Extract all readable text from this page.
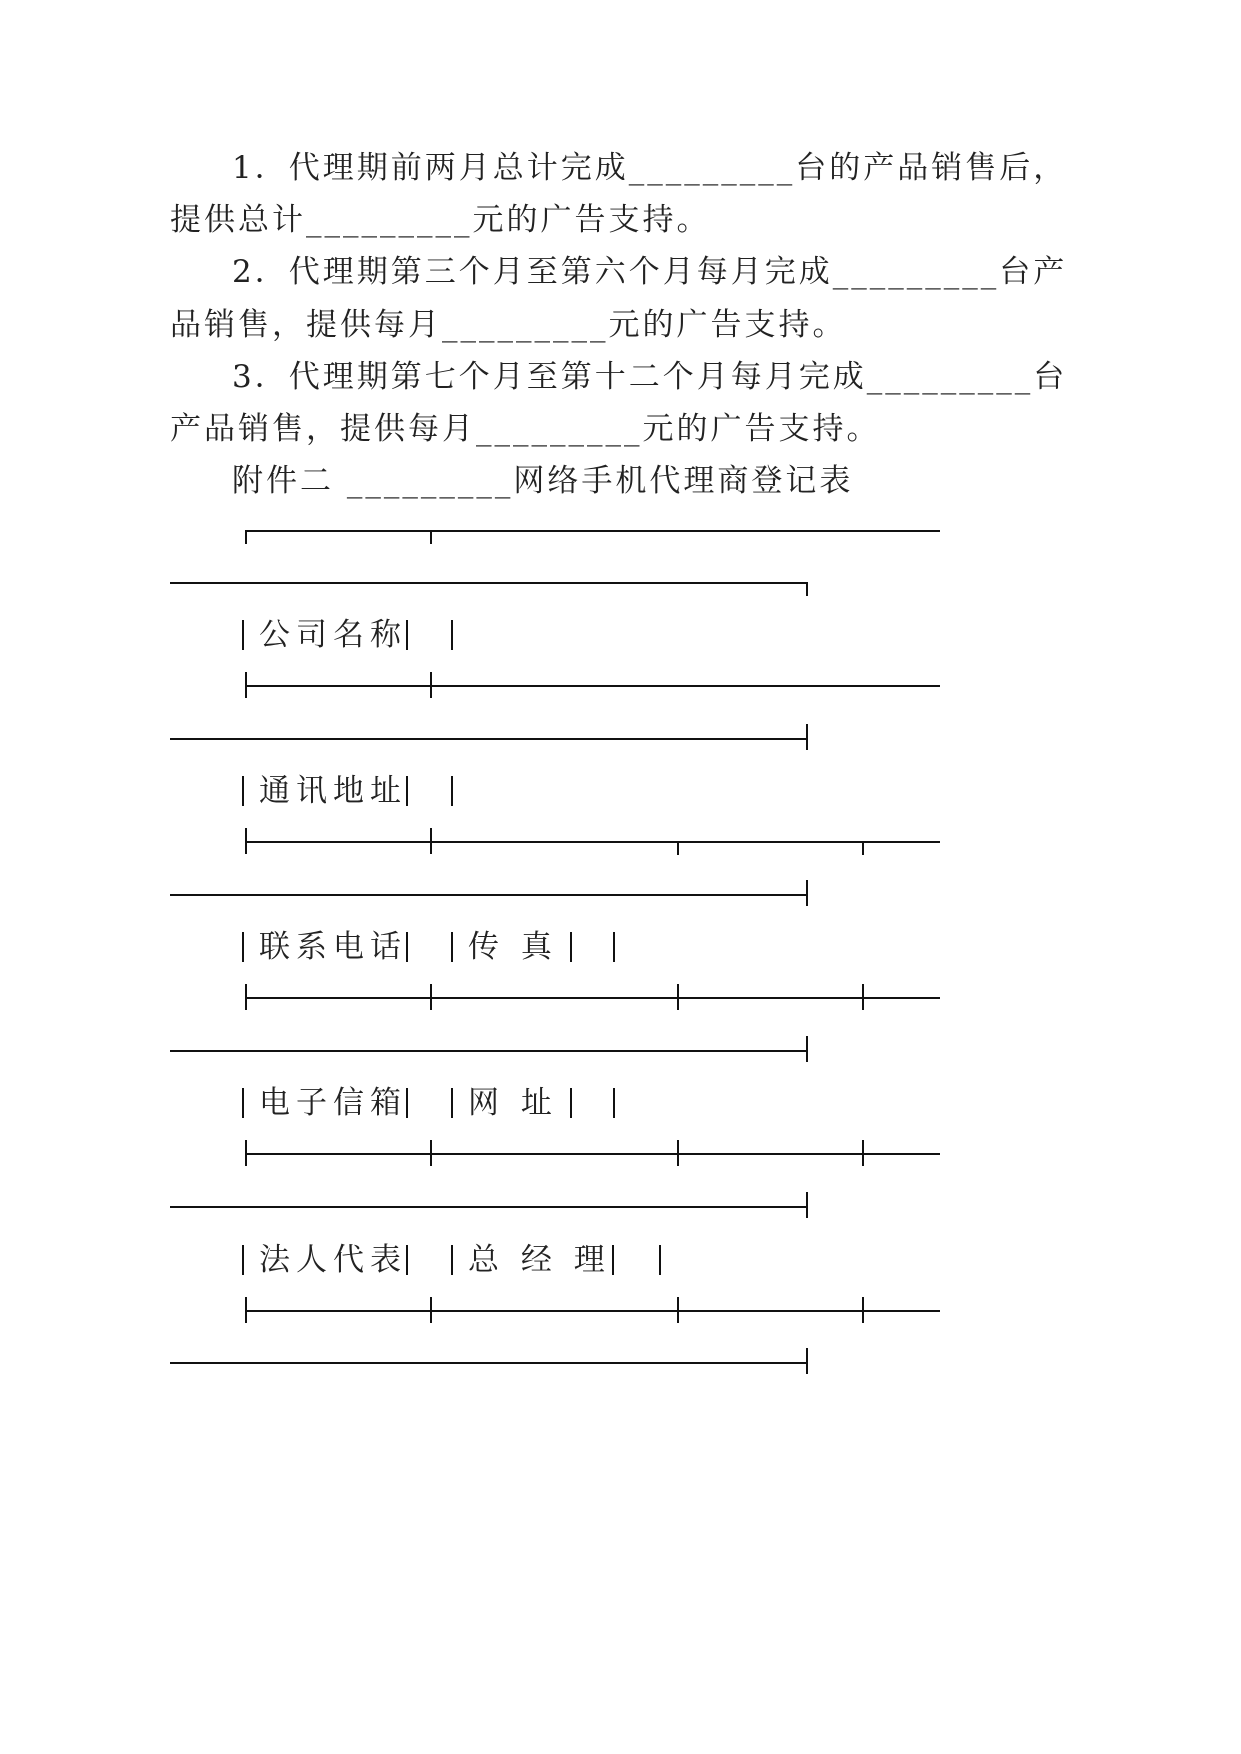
1．代理期前两月总计完成_________台的产品销售后，
提供总计_________元的广告支持。
2．代理期第三个月至第六个月每月完成_________台产
品销售，提供每月_________元的广告支持。
3．代理期第七个月至第十二个月每月完成_________台
产品销售，提供每月_________元的广告支持。
附件二 _________网络手机代理商登记表
公司名称
通讯地址
联系电话 传 真
电子信箱 网 址
法人代表 总 经 理
